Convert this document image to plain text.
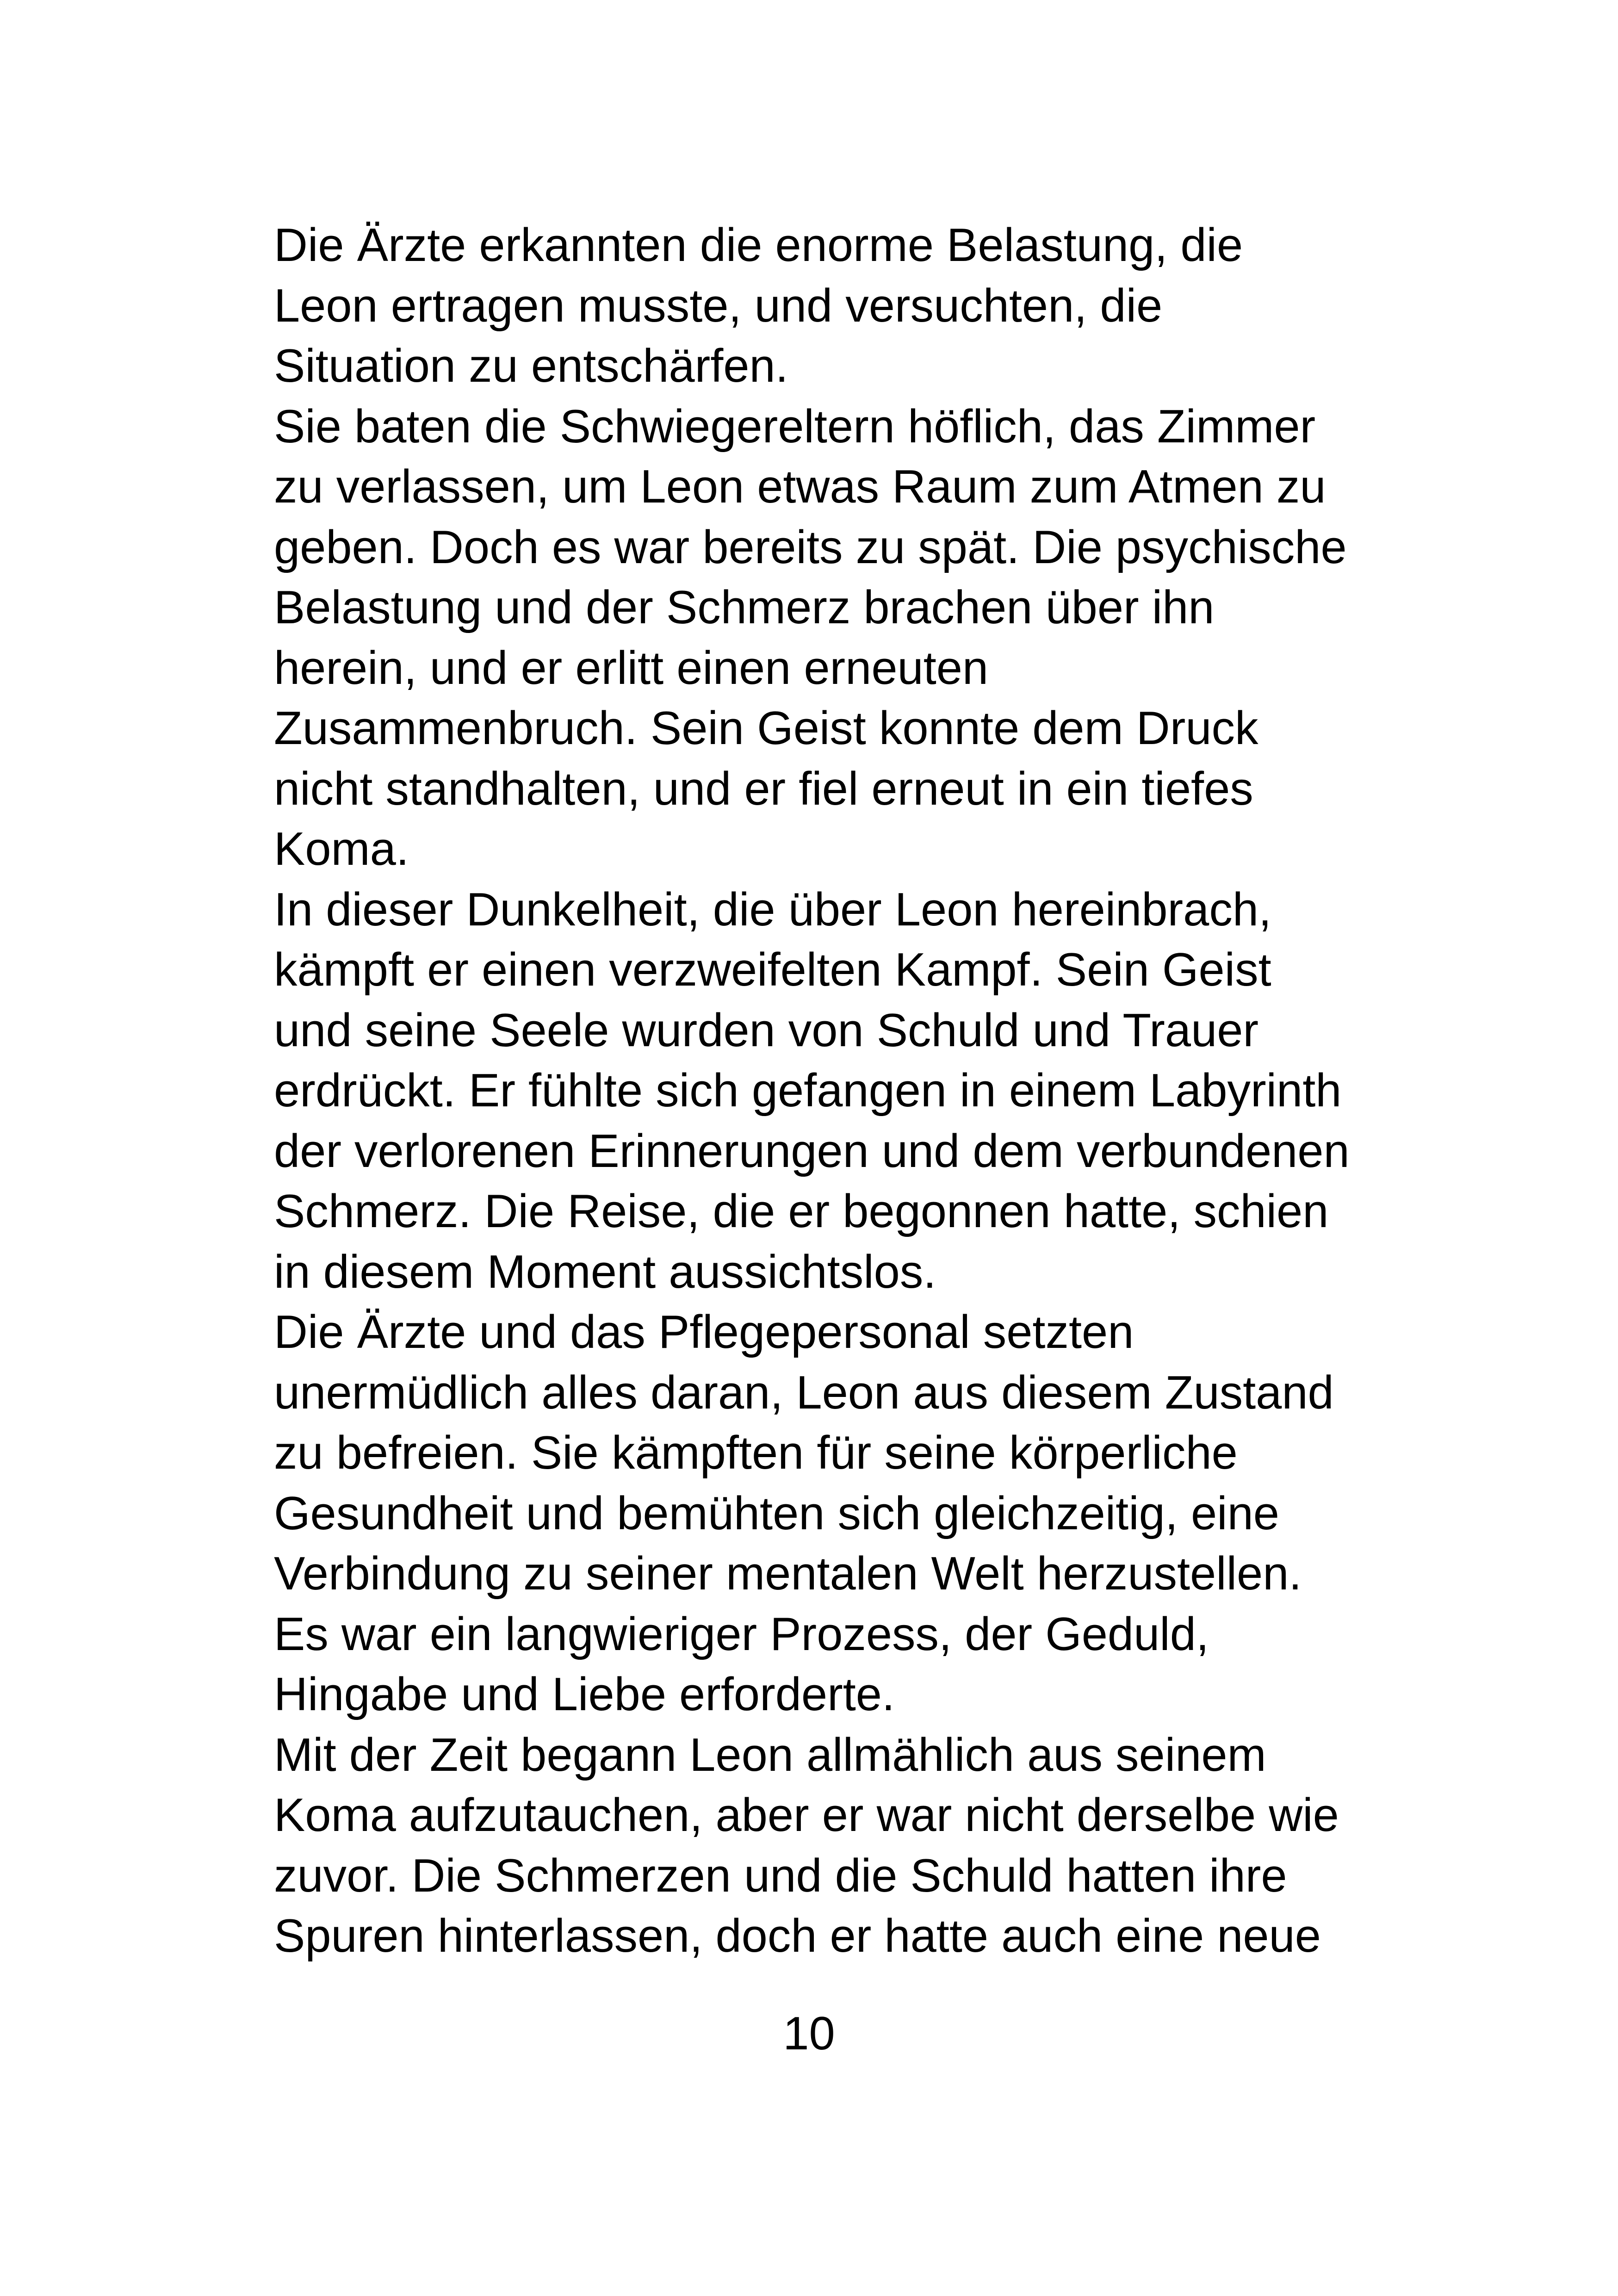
Die Ärzte erkannten die enorme Belastung, die
Leon ertragen musste, und versuchten, die
Situation zu entschärfen.
Sie baten die Schwiegereltern höflich, das Zimmer
zu verlassen, um Leon etwas Raum zum Atmen zu
geben. Doch es war bereits zu spät. Die psychische
Belastung und der Schmerz brachen über ihn
herein, und er erlitt einen erneuten
Zusammenbruch. Sein Geist konnte dem Druck
nicht standhalten, und er fiel erneut in ein tiefes
Koma.
In dieser Dunkelheit, die über Leon hereinbrach,
kämpft er einen verzweifelten Kampf. Sein Geist
und seine Seele wurden von Schuld und Trauer
erdrückt. Er fühlte sich gefangen in einem Labyrinth
der verlorenen Erinnerungen und dem verbundenen
Schmerz. Die Reise, die er begonnen hatte, schien
in diesem Moment aussichtslos.
Die Ärzte und das Pflegepersonal setzten
unermüdlich alles daran, Leon aus diesem Zustand
zu befreien. Sie kämpften für seine körperliche
Gesundheit und bemühten sich gleichzeitig, eine
Verbindung zu seiner mentalen Welt herzustellen.
Es war ein langwieriger Prozess, der Geduld,
Hingabe und Liebe erforderte.
Mit der Zeit begann Leon allmählich aus seinem
Koma aufzutauchen, aber er war nicht derselbe wie
zuvor. Die Schmerzen und die Schuld hatten ihre
Spuren hinterlassen, doch er hatte auch eine neue
10
